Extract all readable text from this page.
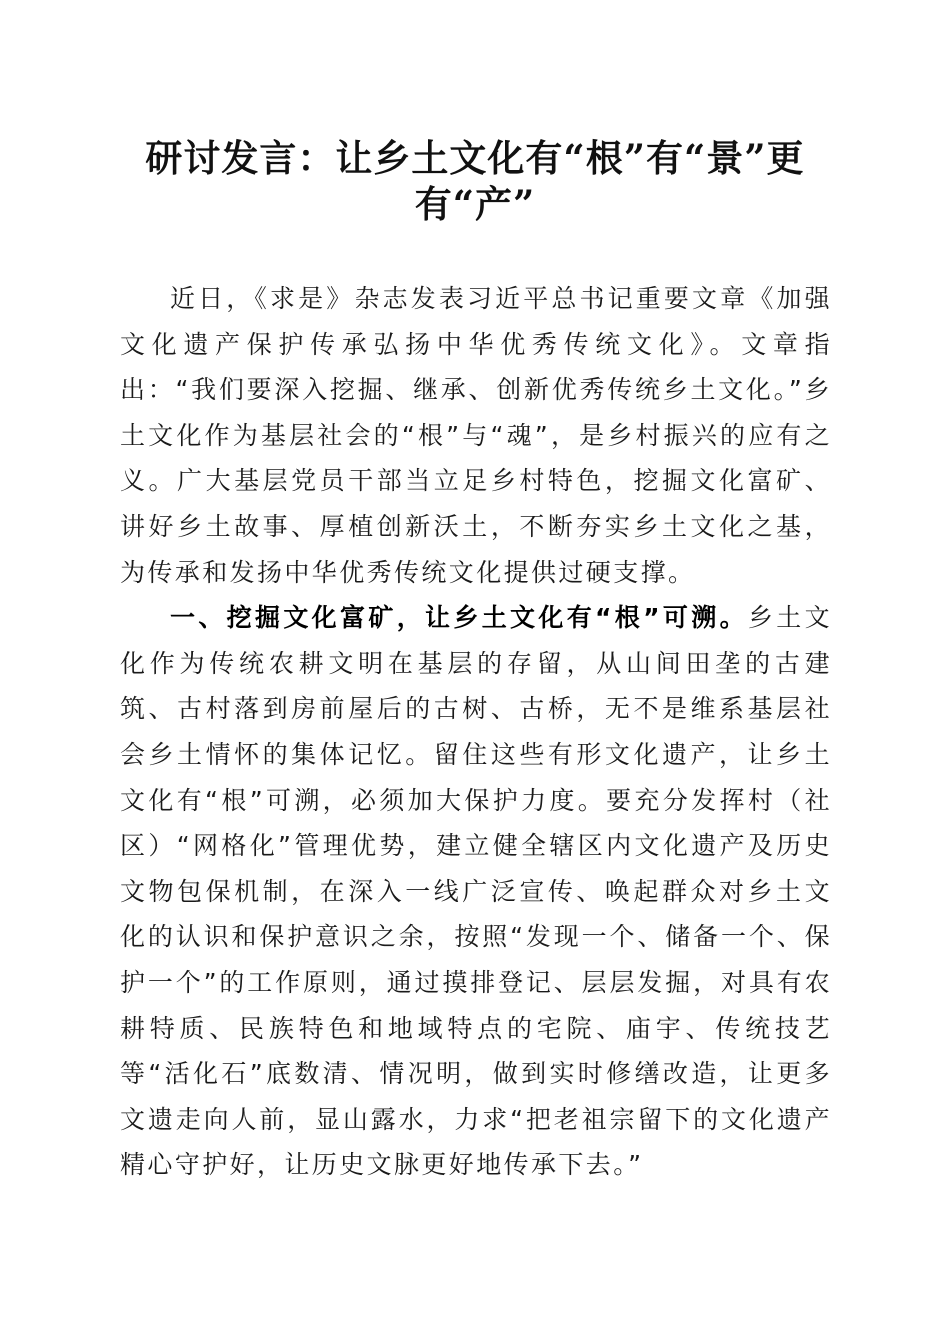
研讨发言：让乡土文化有“根”有“景”更
有“产”

近日，《求是》杂志发表习近平总书记重要文章《加强文化遗产保护传承弘扬中华优秀传统文化》。文章指出：“我们要深入挖掘、继承、创新优秀传统乡土文化。”乡土文化作为基层社会的“根”与“魂”，是乡村振兴的应有之义。广大基层党员干部当立足乡村特色，挖掘文化富矿、讲好乡土故事、厚植创新沃土，不断夯实乡土文化之基，为传承和发扬中华优秀传统文化提供过硬支撑。

一、挖掘文化富矿，让乡土文化有“根”可溯。乡土文化作为传统农耕文明在基层的存留，从山间田垄的古建筑、古村落到房前屋后的古树、古桥，无不是维系基层社会乡土情怀的集体记忆。留住这些有形文化遗产，让乡土文化有“根”可溯，必须加大保护力度。要充分发挥村（社区）“网格化”管理优势，建立健全辖区内文化遗产及历史文物包保机制，在深入一线广泛宣传、唤起群众对乡土文化的认识和保护意识之余，按照“发现一个、储备一个、保护一个”的工作原则，通过摸排登记、层层发掘，对具有农耕特质、民族特色和地域特点的宅院、庙宇、传统技艺等“活化石”底数清、情况明，做到实时修缮改造，让更多文遗走向人前，显山露水，力求“把老祖宗留下的文化遗产精心守护好，让历史文脉更好地传承下去。”
